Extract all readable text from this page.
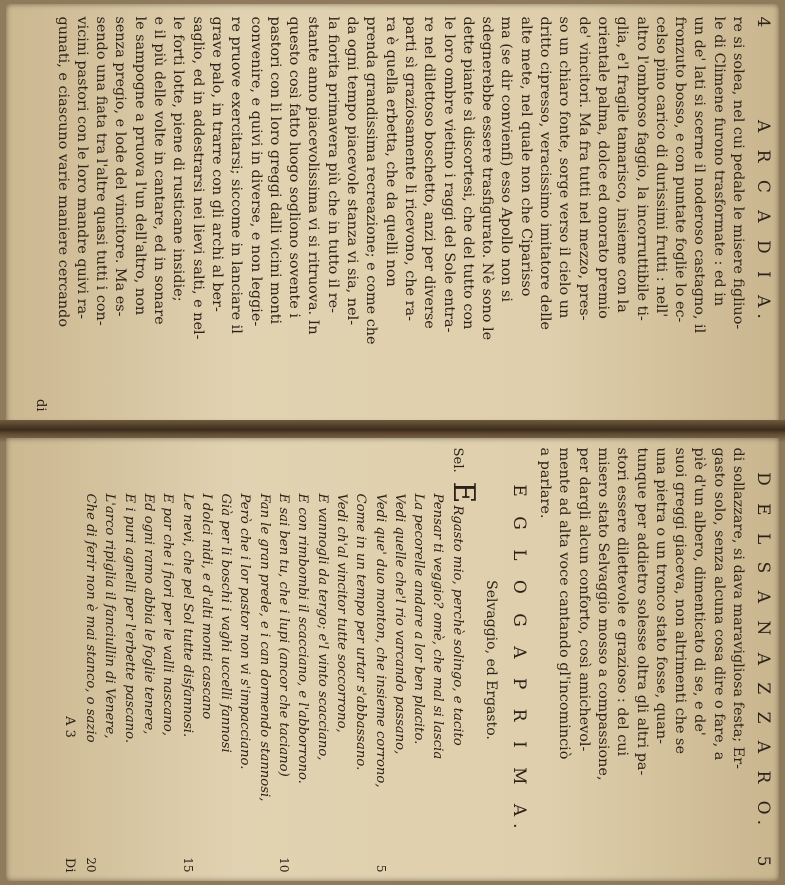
4
A R C A D I A.

re si solea, nel cui pedale le misere figliuo-

le di Climene furono trasformate : ed in

un de' lati si scerne il noderoso castagno, il

fronzuto bosso, e con puntate foglie lo ec-

celso pino carico di durissimi frutti : nell'

altro l'ombroso faggio, la incorruttibile ti-

glia, e'l fragile tamarisco, insieme con la

orientale palma, dolce ed onorato premio

de' vincitori. Ma fra tutti nel mezzo, pres-

so un chiaro fonte, sorge verso il cielo un

dritto cipresso, veracissimo imitatore delle

alte mete, nel quale non che Ciparisso

ma (se dir convienfi) esso Apollo non si

sdegnerebbe essere trasfigurato. Nè sono le

dette piante sì discortesi, che del tutto con

le loro ombre vietino i raggi del Sole entra-

re nel dilettoso boschetto, anzi per diverse

parti sì graziosamente li ricevono, che ra-

ra è quella erbetta, che da quelli non

prenda grandissima recreazione; e come che

da ogni tempo piacevole stanza vi sia, nel-

la fiorita primavera più che in tutto il re-

stante anno piacevolissima vi si ritruova. In

questo così fatto luogo sogliono sovente i

pastori con li loro greggi dalli vicini monti

convenire, e quivi in diverse, e non leggie-

re pruove exercitarsi; siccome in lanciare il

grave palo, in trarre con gli archi al ber-

saglio, ed in addestrarsi nei lievi salti, e nel-

le forti lotte, piene di rusticane insidie;

e il più delle volte in cantare, ed in sonare

le sampogne a pruova l'un dell'altro, non

senza pregio, e lode del vincitore. Ma es-

sendo una fiata tra l'altre quasi tutti i con-

vicini pastori con le loro mandre quivi ra-

gunati, e ciascuno varie maniere cercando

di
D E L S A N A Z Z A R O.
5

di sollazzare, si dava maravigliosa festa; Er-

gasto solo, senza alcuna cosa dire o fare, a

piè d'un albero, dimenticato di se, e de'

suoi greggi giaceva, non altrimenti che se

una pietra o un tronco stato fosse, quan-

tunque per addietro solesse oltra gli altri pa-

stori essere dilettevole e grazioso : del cui

misero stato Selvaggio mosso a compassione,

per dargli alcun conforto, così amichevol-

mente ad alta voce cantando gl'incominciò

a parlare.

E G L O G A P R I M A.
Selvaggio, ed Ergasto.
Sel.
ERgasto mio, perchè solingo, e tacito
Pensar ti veggio? omè, che mal si lascia
La pecorelle andare a lor ben placito.
Vedi quelle che'l rio varcando passano,
Vedi que' duo monton, che insieme corrono,
5
Come in un tempo per urtar s'abbassano.
Vedi ch'al vincitor tutte soccorrono,
E vannogli da tergo; e'l vinto scacciano,
E con rimbombi il scacciano, e l'abborrono.
E sai ben tu, che i lupi (ancor che taciano)
10
Fan le gran prede, e i can dormendo stannosi,
Però che i lor pastor non vi s'impacciano.
Già per li boschi i vaghi uccelli fannosi
I dolci nidi, e d'alti monti cascano
Le nevi, che pel Sol tutte disfannosi.
15
E par che i fiori per le valli nascano,
Ed ogni ramo abbia le foglie tenere,
E i puri agnelli per l'erbette pascano.
L'arco ripiglia il fanciullin di Venere,
Che di ferir non è mai stanco, o sazio
20
A 3
Di
